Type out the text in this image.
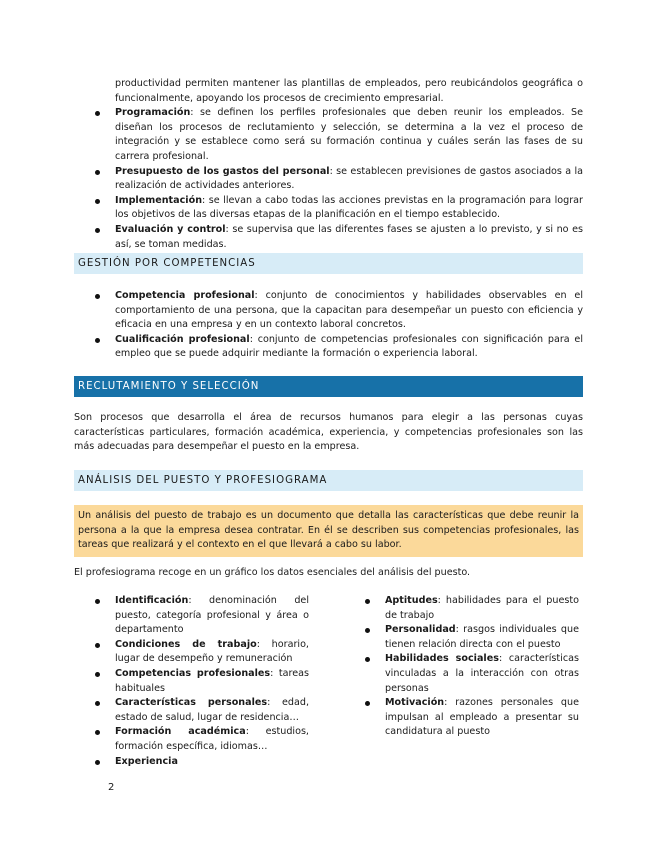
productividad permiten mantener las plantillas de empleados, pero reubicándolos geográfica o funcionalmente, apoyando los procesos de crecimiento empresarial.
Programación: se definen los perfiles profesionales que deben reunir los empleados. Se diseñan los procesos de reclutamiento y selección, se determina a la vez el proceso de integración y se establece como será su formación continua y cuáles serán las fases de su carrera profesional.
Presupuesto de los gastos del personal: se establecen previsiones de gastos asociados a la realización de actividades anteriores.
Implementación: se llevan a cabo todas las acciones previstas en la programación para lograr los objetivos de las diversas etapas de la planificación en el tiempo establecido.
Evaluación y control: se supervisa que las diferentes fases se ajusten a lo previsto, y si no es así, se toman medidas.
GESTIÓN POR COMPETENCIAS
Competencia profesional: conjunto de conocimientos y habilidades observables en el comportamiento de una persona, que la capacitan para desempeñar un puesto con eficiencia y eficacia en una empresa y en un contexto laboral concretos.
Cualificación profesional: conjunto de competencias profesionales con significación para el empleo que se puede adquirir mediante la formación o experiencia laboral.
RECLUTAMIENTO Y SELECCIÓN

Son procesos que desarrolla el área de recursos humanos para elegir a las personas cuyas características particulares, formación académica, experiencia, y competencias profesionales son las más adecuadas para desempeñar el puesto en la empresa.

ANÁLISIS DEL PUESTO Y PROFESIOGRAMA
Un análisis del puesto de trabajo es un documento que detalla las características que debe reunir la persona a la que la empresa desea contratar. En él se describen sus competencias profesionales, las tareas que realizará y el contexto en el que llevará a cabo su labor.

El profesiograma recoge en un gráfico los datos esenciales del análisis del puesto.

Identificación: denominación del puesto, categoría profesional y área o departamento
Condiciones de trabajo: horario, lugar de desempeño y remuneración
Competencias profesionales: tareas habituales
Características personales: edad, estado de salud, lugar de residencia…
Formación académica: estudios, formación específica, idiomas…
Experiencia
Aptitudes: habilidades para el puesto de trabajo
Personalidad: rasgos individuales que tienen relación directa con el puesto
Habilidades sociales: características vinculadas a la interacción con otras personas
Motivación: razones personales que impulsan al empleado a presentar su candidatura al puesto
2
